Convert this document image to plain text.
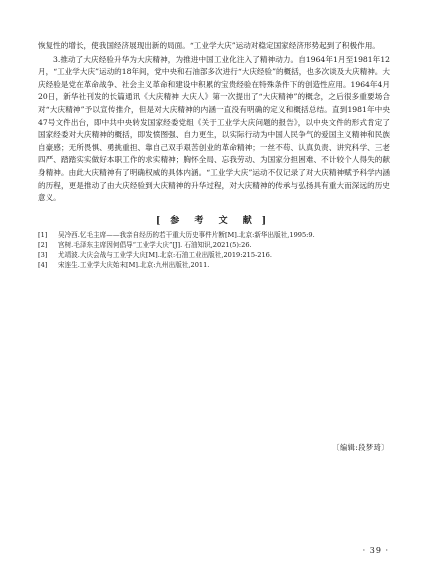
恢复性的增长，使我国经济展现出新的局面。“工业学大庆”运动对稳定国家经济形势起到了积极作用。

3.推动了大庆经验升华为大庆精神，为推进中国工业化注入了精神动力。自1964年1月至1981年12月，“工业学大庆”运动的18年间，党中央和石油部多次进行“大庆经验”的概括，也多次谈及大庆精神。大庆经验是党在革命战争、社会主义革命和建设中积累的宝贵经验在特殊条件下的创造性应用。1964年4月20日，新华社刊发的长篇通讯《大庆精神 大庆人》第一次提出了“大庆精神”的概念，之后很多重要场合对“大庆精神”予以宣传推介，但是对大庆精神的内涵一直没有明确的定义和概括总结。直到1981年中央47号文件出台，即中共中央转发国家经委党组《关于工业学大庆问题的报告》，以中央文件的形式肯定了国家经委对大庆精神的概括，即发愤图强、自力更生，以实际行动为中国人民争气的爱国主义精神和民族自豪感；无所畏惧、勇挑重担、靠自己双手艰苦创业的革命精神；一丝不苟、认真负责、讲究科学、三老四严、踏踏实实做好本职工作的求实精神；胸怀全局、忘我劳动、为国家分担困难、不计较个人得失的献身精神。由此大庆精神有了明确权威的具体内涵。“工业学大庆”运动不仅记录了对大庆精神赋予科学内涵的历程，更是推动了由大庆经验到大庆精神的升华过程，对大庆精神的传承与弘扬具有重大而深远的历史意义。

[ 参 考 文 献 ]
[1]	吴冷西.忆毛主席——我亲自经历的若干重大历史事件片断[M].北京:新华出版社,1995:9.
[2]	宫树.毛泽东主席因何倡导“工业学大庆”[J]. 石油知识,2021(5):26.
[3]	尤靖波.大庆会战与工业学大庆[M].北京:石油工业出版社,2019:215-216.
[4]	宋连生.工业学大庆始末[M].北京:九州出版社,2011.
〔编辑:段梦琦〕
· 39 ·
